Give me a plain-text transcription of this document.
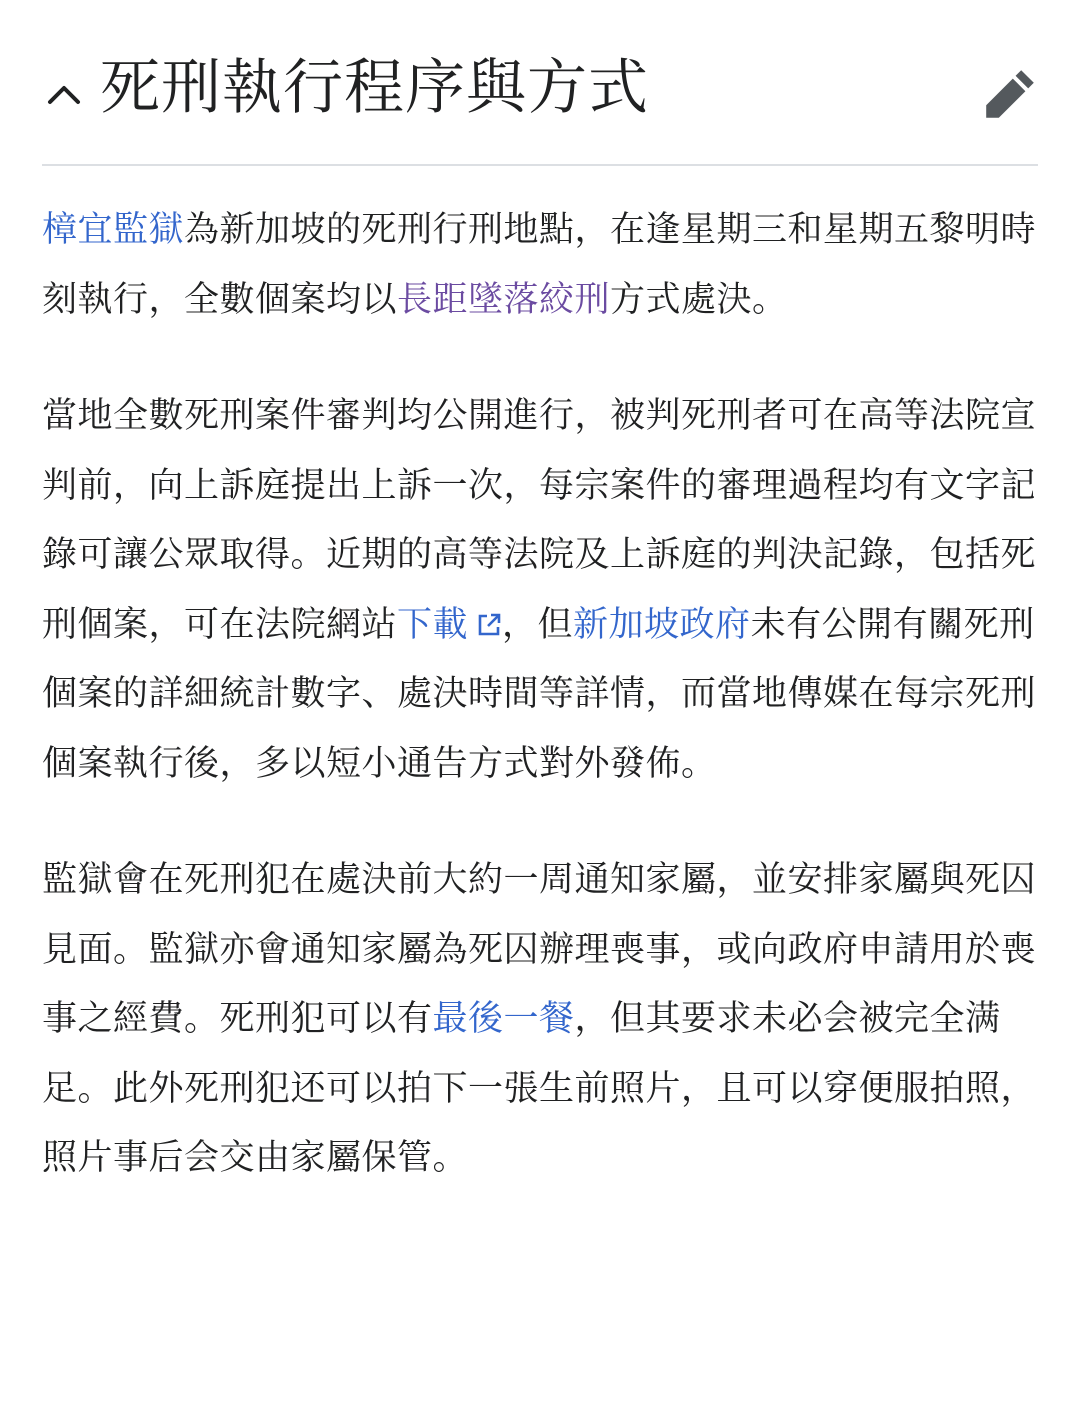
死刑執行程序與方式

樟宜監獄為新加坡的死刑行刑地點，在逢星期三和星期五黎明時刻執行，全數個案均以長距墜落絞刑方式處決。

當地全數死刑案件審判均公開進行，被判死刑者可在高等法院宣判前，向上訴庭提出上訴一次，每宗案件的審理過程均有文字記錄可讓公眾取得。近期的高等法院及上訴庭的判決記錄，包括死刑個案，可在法院網站下載 ，但新加坡政府未有公開有關死刑個案的詳細統計數字、處決時間等詳情，而當地傳媒在每宗死刑個案執行後，多以短小通告方式對外發佈。

監獄會在死刑犯在處決前大約一周通知家屬，並安排家屬與死囚見面。監獄亦會通知家屬為死囚辦理喪事，或向政府申請用於喪事之經費。死刑犯可以有最後一餐，但其要求未必会被完全满足。此外死刑犯还可以拍下一張生前照片，且可以穿便服拍照，照片事后会交由家屬保管。
